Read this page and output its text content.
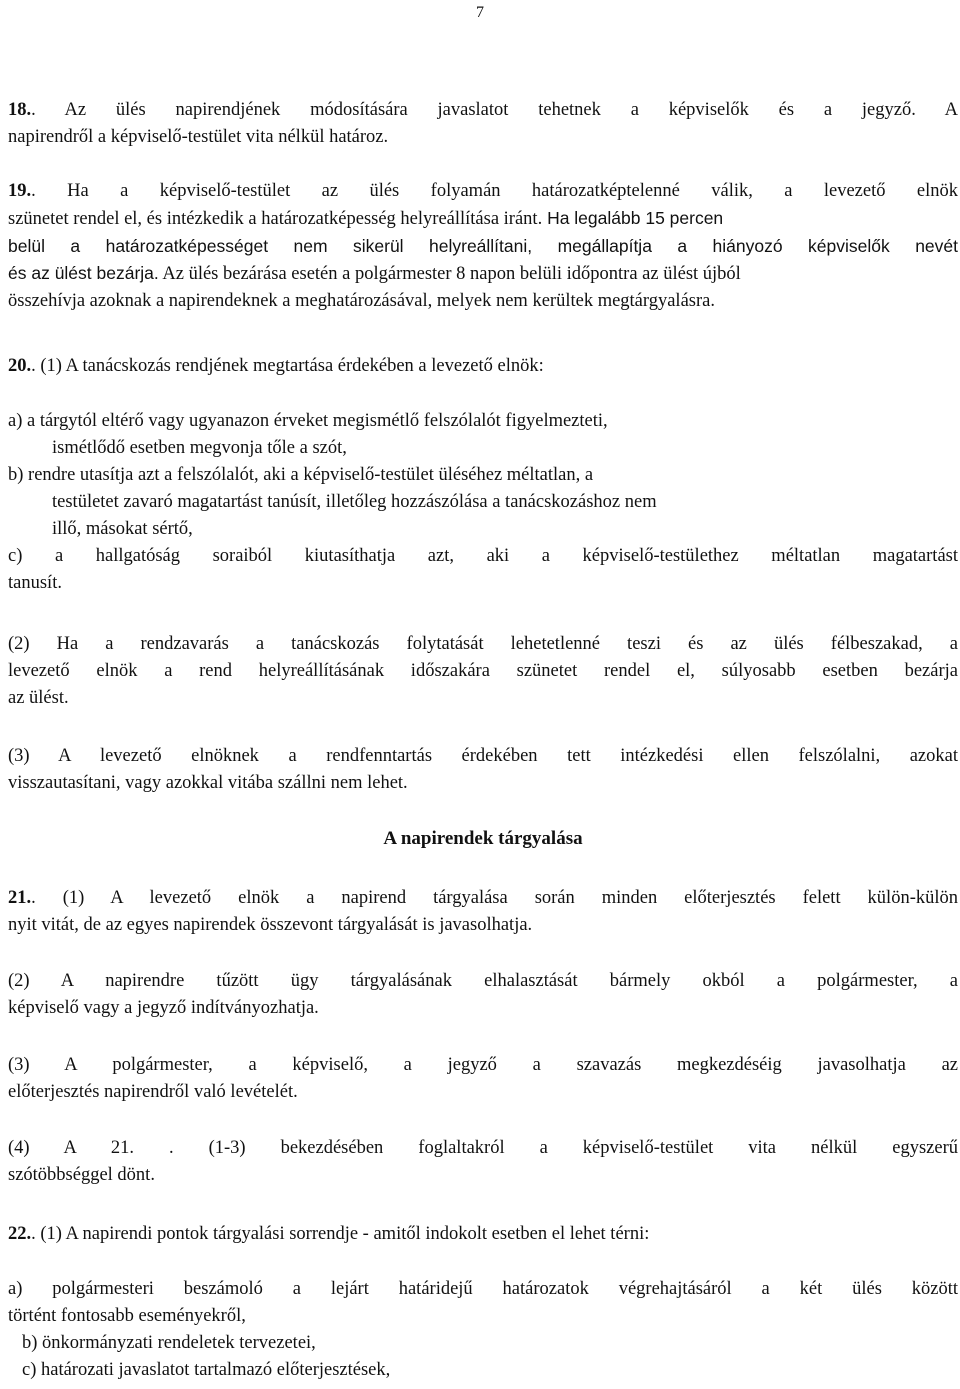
7
18.. Az ülés napirendjének módosítására javaslatot tehetnek a képviselők és a jegyző. A
napirendről a képviselő-testület vita nélkül határoz.
19.. Ha a képviselő-testület az ülés folyamán határozatképtelenné válik, a levezető elnök
szünetet rendel el, és intézkedik a határozatképesség helyreállítása iránt. Ha legalább 15 percen
belül a határozatképességet nem sikerül helyreállítani, megállapítja a hiányozó képviselők nevét
és az ülést bezárja. Az ülés bezárása esetén a polgármester 8 napon belüli időpontra az ülést újból
összehívja azoknak a napirendeknek a meghatározásával, melyek nem kerültek megtárgyalásra.
20.. (1) A tanácskozás rendjének megtartása érdekében a levezető elnök:
a) a tárgytól eltérő vagy ugyanazon érveket megismétlő felszólalót figyelmezteti,
ismétlődő esetben megvonja tőle a szót,
b) rendre utasítja azt a felszólalót, aki a képviselő-testület üléséhez méltatlan, a
testületet zavaró magatartást tanúsít, illetőleg hozzászólása a tanácskozáshoz nem
illő, másokat sértő,
c) a hallgatóság soraiból kiutasíthatja azt, aki a képviselő-testülethez méltatlan magatartást
tanusít.
(2) Ha a rendzavarás a tanácskozás folytatását lehetetlenné teszi és az ülés félbeszakad, a
levezető elnök a rend helyreállításának időszakára szünetet rendel el, súlyosabb esetben bezárja
az ülést.
(3) A levezető elnöknek a rendfenntartás érdekében tett intézkedési ellen felszólalni, azokat
visszautasítani, vagy azokkal vitába szállni nem lehet.
A napirendek tárgyalása
21.. (1) A levezető elnök a napirend tárgyalása során minden előterjesztés felett külön-külön
nyit vitát, de az egyes napirendek összevont tárgyalását is javasolhatja.
(2) A napirendre tűzött ügy tárgyalásának elhalasztását bármely okból a polgármester, a
képviselő vagy a jegyző indítványozhatja.
(3) A polgármester, a képviselő, a jegyző a szavazás megkezdéséig javasolhatja az
előterjesztés napirendről való levételét.
(4) A 21. . (1-3) bekezdésében foglaltakról a képviselő-testület vita nélkül egyszerű
szótöbbséggel dönt.
22.. (1) A napirendi pontok tárgyalási sorrendje - amitől indokolt esetben el lehet térni:
a) polgármesteri beszámoló a lejárt határidejű határozatok végrehajtásáról a két ülés között
történt fontosabb eseményekről,
b) önkormányzati rendeletek tervezetei,
c) határozati javaslatot tartalmazó előterjesztések,
